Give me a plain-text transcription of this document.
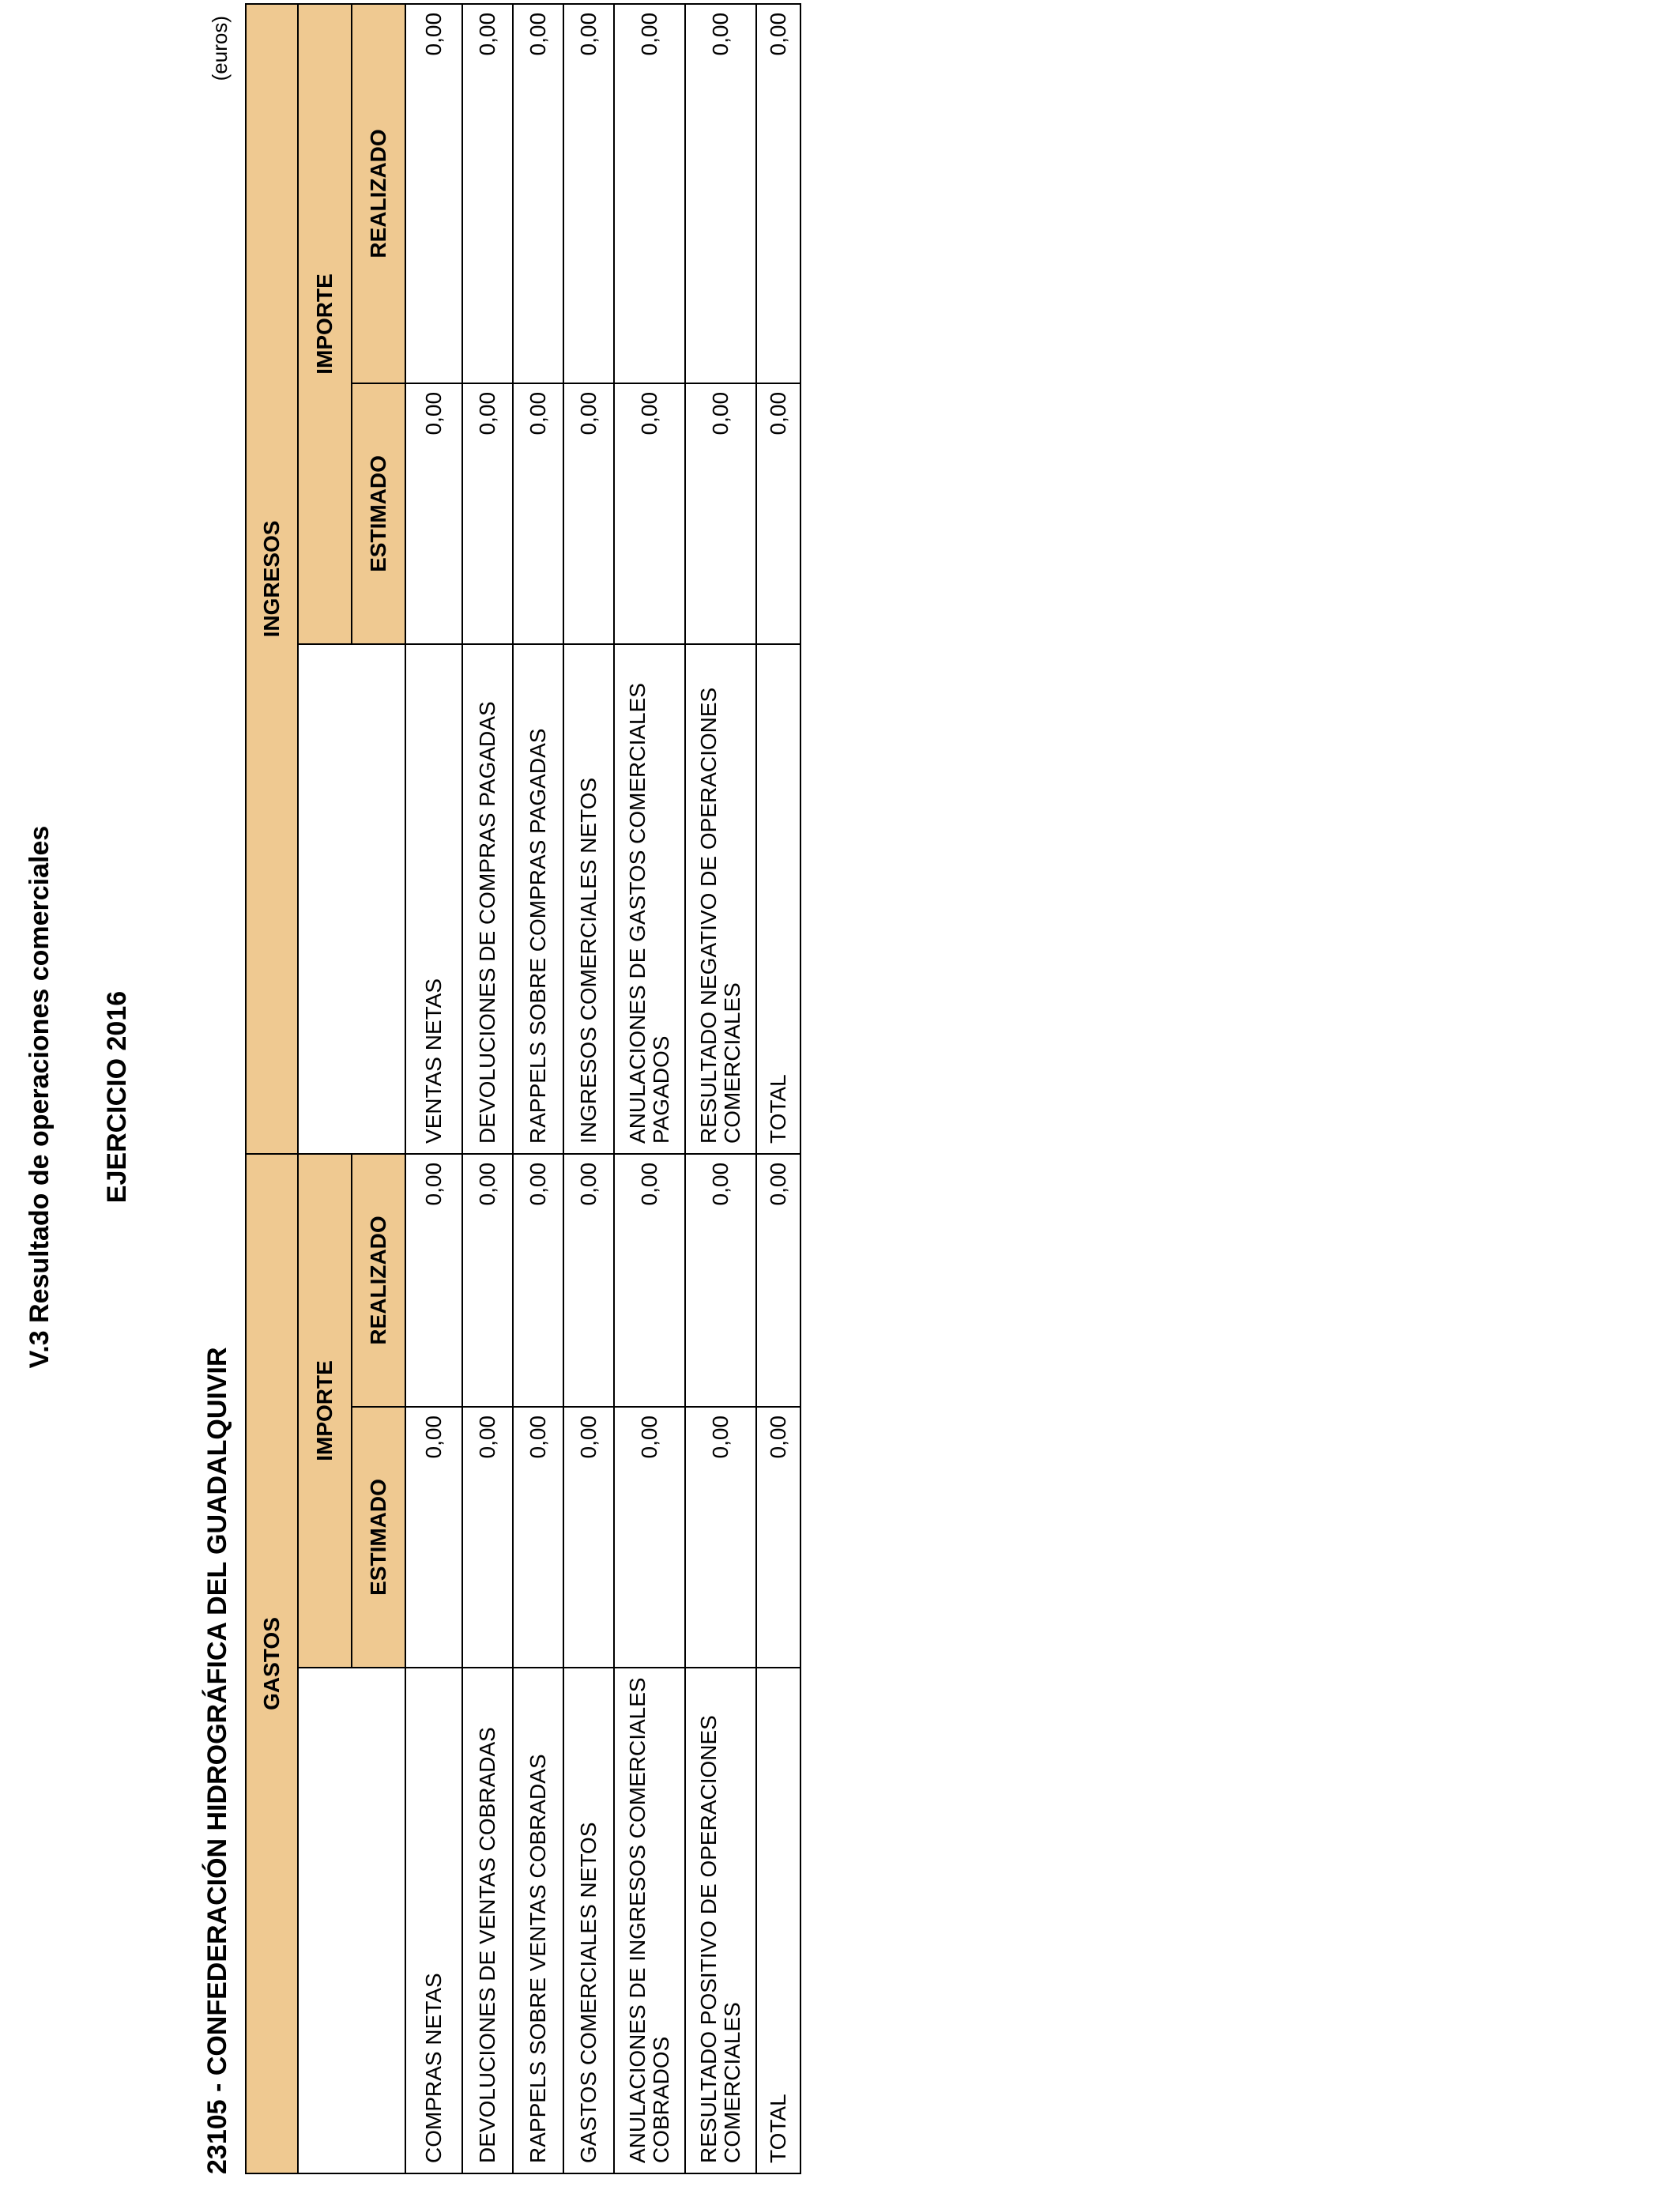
V.3 Resultado de operaciones comerciales	EJERCICIO 2016
23105 - CONFEDERACIÓN HIDROGRÁFICA DEL GUADALQUIVIR
(euros)
GASTOS			INGRESOS		
	IMPORTE			IMPORTE	
	ESTIMADO	REALIZADO		ESTIMADO	REALIZADO
COMPRAS NETAS	0,00	0,00	VENTAS NETAS	0,00	0,00
DEVOLUCIONES DE VENTAS COBRADAS	0,00	0,00	DEVOLUCIONES DE COMPRAS PAGADAS	0,00	0,00
RAPPELS SOBRE VENTAS COBRADAS	0,00	0,00	RAPPELS SOBRE COMPRAS PAGADAS	0,00	0,00
GASTOS COMERCIALES NETOS	0,00	0,00	INGRESOS COMERCIALES NETOS	0,00	0,00
ANULACIONES DE INGRESOS COMERCIALES COBRADOS	0,00	0,00	ANULACIONES DE GASTOS COMERCIALES PAGADOS	0,00	0,00
RESULTADO POSITIVO DE OPERACIONES COMERCIALES	0,00	0,00	RESULTADO NEGATIVO DE OPERACIONES COMERCIALES	0,00	0,00
TOTAL	0,00	0,00	TOTAL	0,00	0,00
